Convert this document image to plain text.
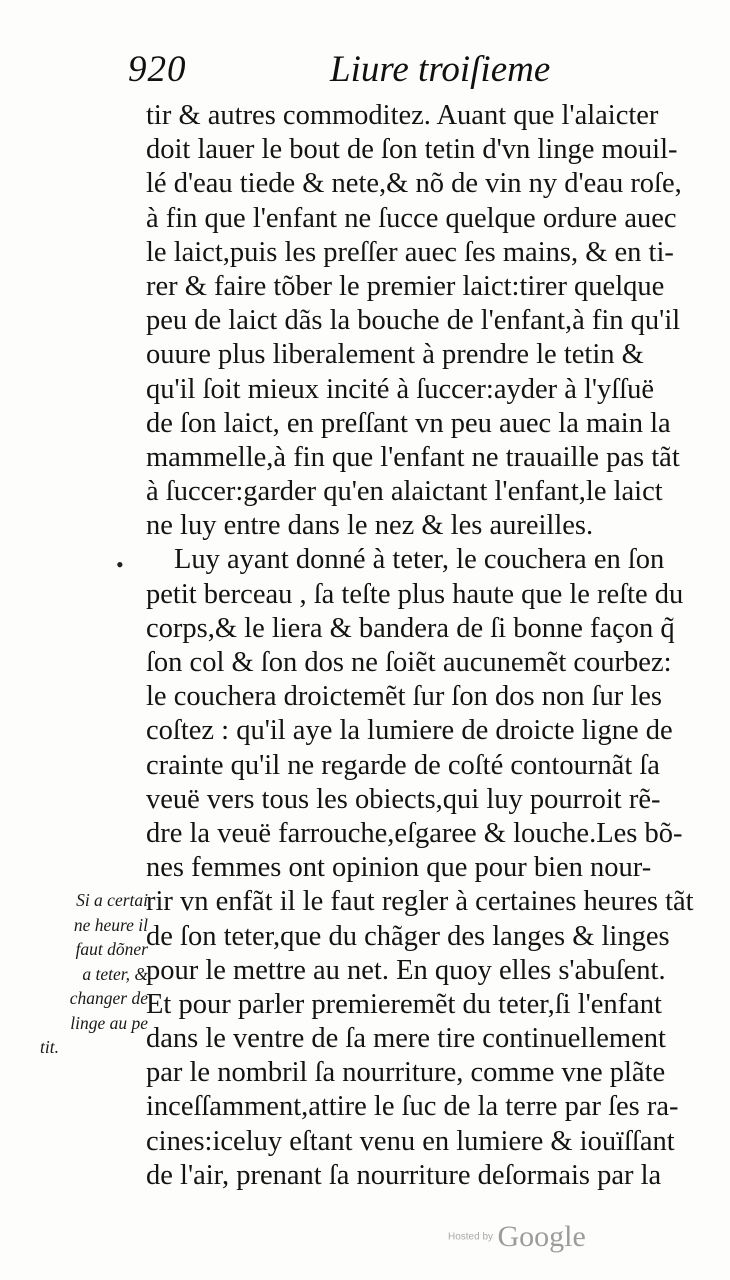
920	Liure troiſieme
•
tir & autres commoditez. Auant que l'alaicter
doit lauer le bout de ſon tetin d'vn linge mouil-
lé d'eau tiede & nete,& nõ de vin ny d'eau roſe,
à fin que l'enfant ne ſucce quelque ordure auec
le laict,puis les preſſer auec ſes mains, & en ti-
rer & faire tõber le premier laict:tirer quelque
peu de laict dãs la bouche de l'enfant,à fin qu'il
ouure plus liberalement à prendre le tetin &
qu'il ſoit mieux incité à ſuccer:ayder à l'yſſuë
de ſon laict, en preſſant vn peu auec la main la
mammelle,à fin que l'enfant ne trauaille pas tãt
à ſuccer:garder qu'en alaictant l'enfant,le laict
ne luy entre dans le nez & les aureilles.
Luy ayant donné à teter, le couchera en ſon
petit berceau , ſa teſte plus haute que le reſte du
corps,& le liera & bandera de ſi bonne façon q̃
ſon col & ſon dos ne ſoiẽt aucunemẽt courbez:
le couchera droictemẽt ſur ſon dos non ſur les
coſtez : qu'il aye la lumiere de droicte ligne de
crainte qu'il ne regarde de coſté contournãt ſa
veuë vers tous les obiects,qui luy pourroit rẽ-
dre la veuë farrouche,eſgaree & louche.Les bõ-
nes femmes ont opinion que pour bien nour-
rir vn enfãt il le faut regler à certaines heures tãt
de ſon teter,que du chãger des langes & linges
pour le mettre au net. En quoy elles s'abuſent.
Et pour parler premieremẽt du teter,ſi l'enfant
dans le ventre de ſa mere tire continuellement
par le nombril ſa nourriture, comme vne plãte
inceſſamment,attire le ſuc de la terre par ſes ra-
cines:iceluy eſtant venu en lumiere & iouïſſant
de l'air, prenant ſa nourriture deſormais par la
Si a certai
ne heure il
faut dõner
a teter, &
changer de
linge au pe
tit.
Hosted by Google
